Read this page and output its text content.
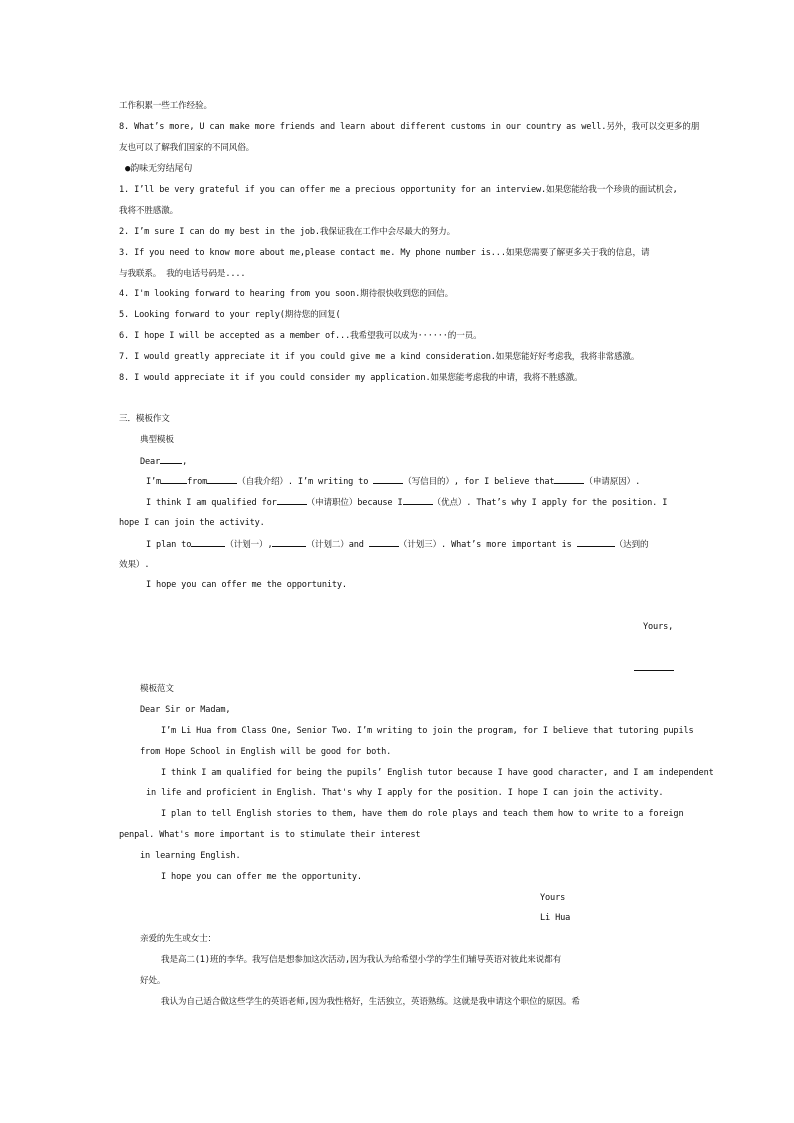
工作积累一些工作经验。
8. What’s more, U can make more friends and learn about different customs in our country as well.另外，我可以交更多的朋
友也可以了解我们国家的不同风俗。
●韵味无穷结尾句
1. I’ll be very grateful if you can offer me a precious opportunity for an interview.如果您能给我一个珍贵的面试机会,
我将不胜感激。
2. I’m sure I can do my best in the job.我保证我在工作中会尽最大的努力。
3. If you need to know more about me,please contact me. My phone number is...如果您需要了解更多关于我的信息，请
与我联系。 我的电话号码是....
4. I'm looking forward to hearing from you soon.期待很快收到您的回信。
5. Looking forward to your reply(期待您的回复(
6. I hope I will be accepted as a member of...我希望我可以成为······的一员。
7. I would greatly appreciate it if you could give me a kind consideration.如果您能好好考虑我，我将非常感激。
8. I would appreciate it if you could consider my application.如果您能考虑我的申请，我将不胜感激。
三．模板作文
典型模板
Dear	,
I’m	from	（自我介绍）. I’m writing to	（写信目的）, for I believe that	（申请原因）.
I think I am qualified for	（申请职位）because I	（优点）. That’s why I apply for the position. I
hope I can join the activity.
I plan to	（计划一）,	（计划二）and	（计划三）. What’s more important is	（达到的
效果）.
I hope you can offer me the opportunity.
Yours,
模板范文
Dear Sir or Madam,
I’m Li Hua from Class One, Senior Two. I’m writing to join the program, for I believe that tutoring pupils
from Hope School in English will be good for both.
I think I am qualified for being the pupils’ English tutor because I have good character, and I am independent
in life and proficient in English. That's why I apply for the position. I hope I can join the activity.
I plan to tell English stories to them, have them do role plays and teach them how to write to a foreign
penpal. What's more important is to stimulate their interest
in learning English.
I hope you can offer me the opportunity.
Yours
Li Hua
亲爱的先生或女士：
我是高二(1)班的李华。我写信是想参加这次活动,因为我认为给希望小学的学生们辅导英语对彼此来说都有
好处。
我认为自己适合做这些学生的英语老师,因为我性格好，生活独立，英语熟练。这就是我申请这个职位的原因。希
